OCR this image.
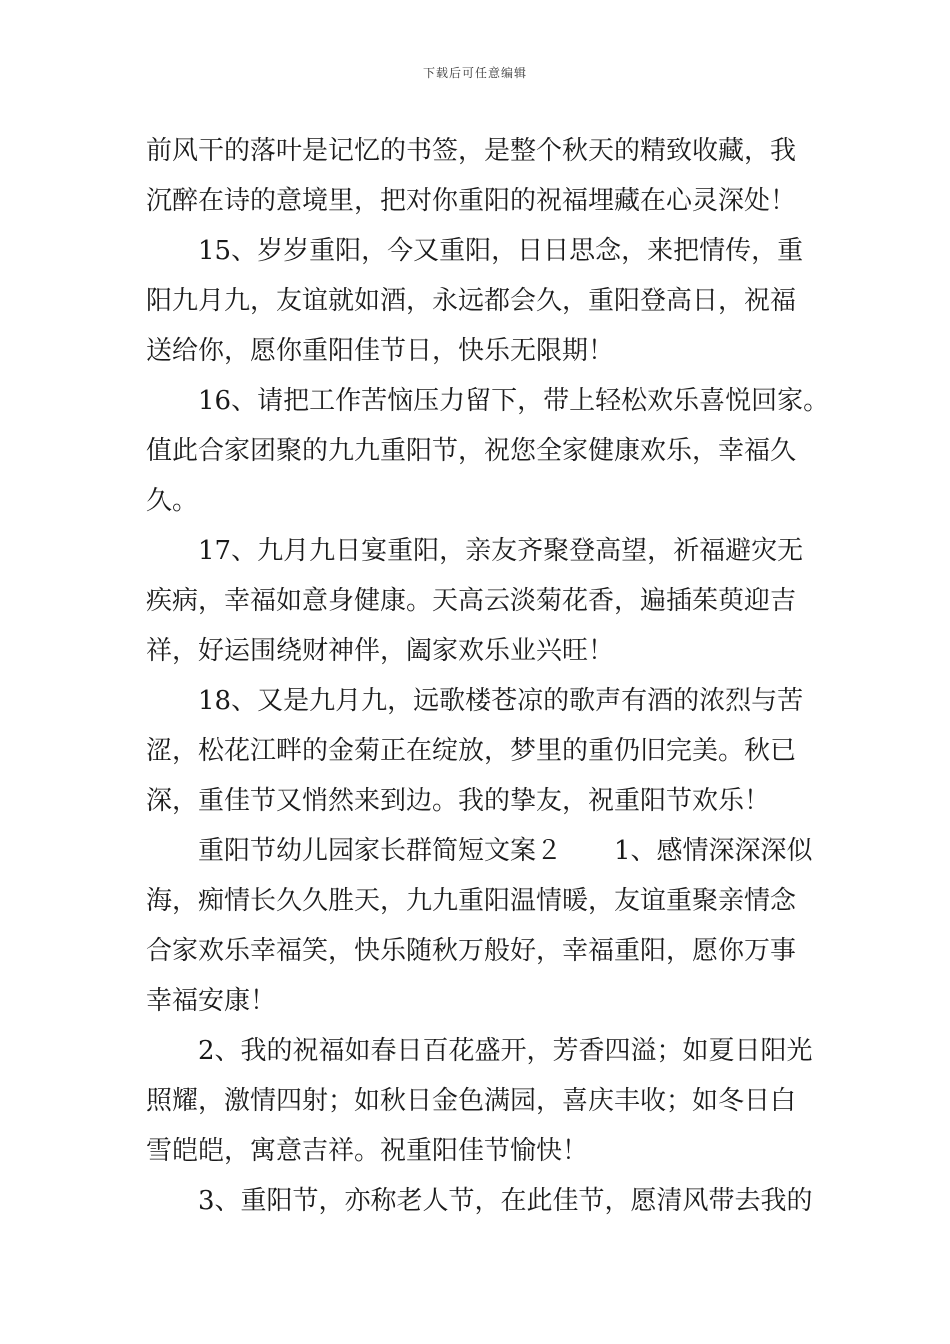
下载后可任意编辑
前风干的落叶是记忆的书签，是整个秋天的精致收藏，我
沉醉在诗的意境里，把对你重阳的祝福埋藏在心灵深处！
15、岁岁重阳，今又重阳，日日思念，来把情传，重
阳九月九，友谊就如酒，永远都会久，重阳登高日，祝福
送给你，愿你重阳佳节日，快乐无限期！
16、请把工作苦恼压力留下，带上轻松欢乐喜悦回家。
值此合家团聚的九九重阳节，祝您全家健康欢乐，幸福久
久。
17、九月九日宴重阳，亲友齐聚登高望，祈福避灾无
疾病，幸福如意身健康。天高云淡菊花香，遍插茱萸迎吉
祥，好运围绕财神伴，阖家欢乐业兴旺！
18、又是九月九，远歌楼苍凉的歌声有酒的浓烈与苦
涩，松花江畔的金菊正在绽放，梦里的重仍旧完美。秋已
深，重佳节又悄然来到边。我的挚友，祝重阳节欢乐！
重阳节幼儿园家长群简短文案２　　1、感情深深深似
海，痴情长久久胜天，九九重阳温情暖，友谊重聚亲情念
合家欢乐幸福笑，快乐随秋万般好，幸福重阳，愿你万事
幸福安康！
2、我的祝福如春日百花盛开，芳香四溢；如夏日阳光
照耀，激情四射；如秋日金色满园，喜庆丰收；如冬日白
雪皑皑，寓意吉祥。祝重阳佳节愉快！
3、重阳节，亦称老人节，在此佳节，愿清风带去我的
